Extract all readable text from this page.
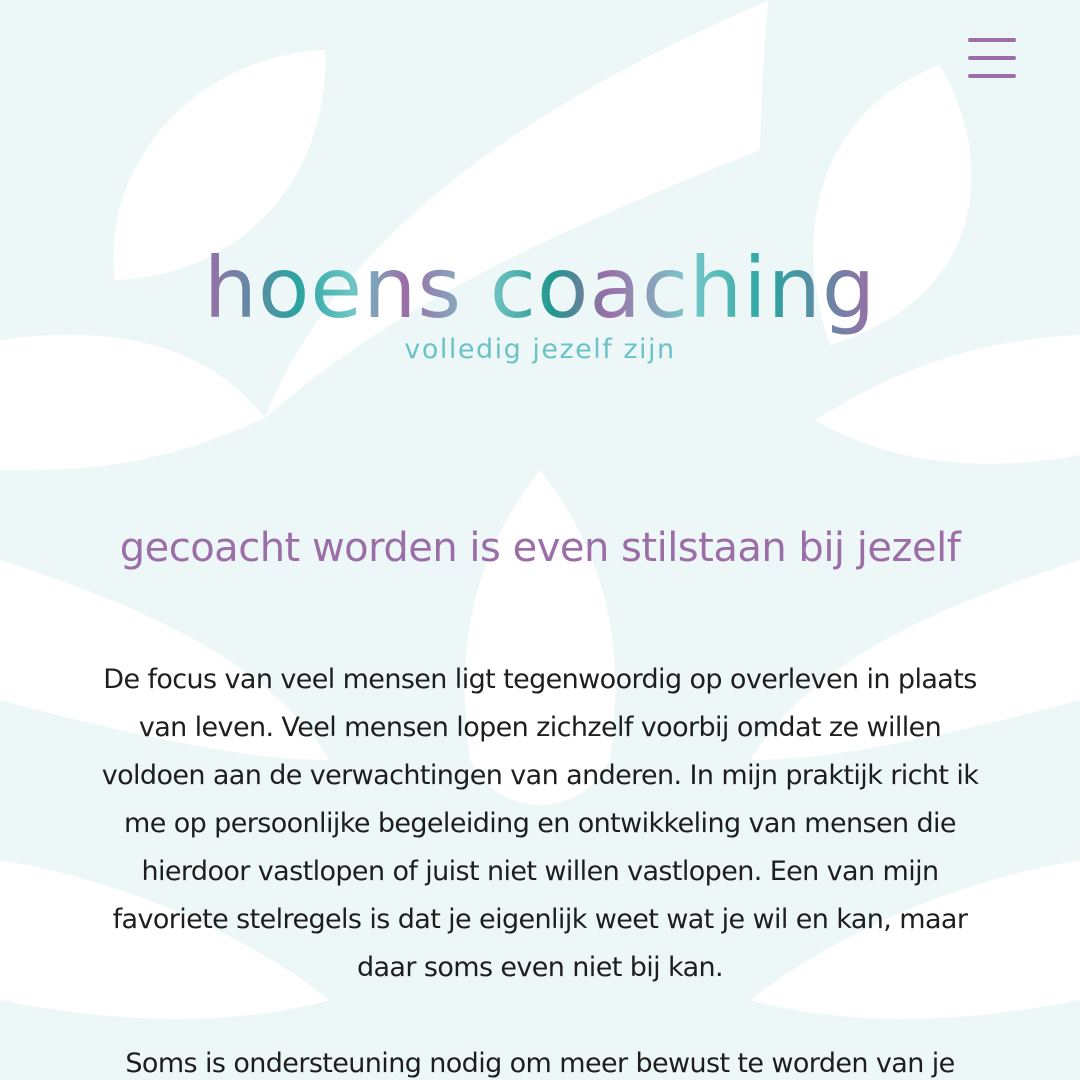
hoens coaching
volledig jezelf zijn
gecoacht worden is even stilstaan bij jezelf

De focus van veel mensen ligt tegenwoordig op overleven in plaats van leven. Veel mensen lopen zichzelf voorbij omdat ze willen voldoen aan de verwachtingen van anderen. In mijn praktijk richt ik me op persoonlijke begeleiding en ontwikkeling van mensen die hierdoor vastlopen of juist niet willen vastlopen. Een van mijn favoriete stelregels is dat je eigenlijk weet wat je wil en kan, maar daar soms even niet bij kan.

Soms is ondersteuning nodig om meer bewust te worden van je
